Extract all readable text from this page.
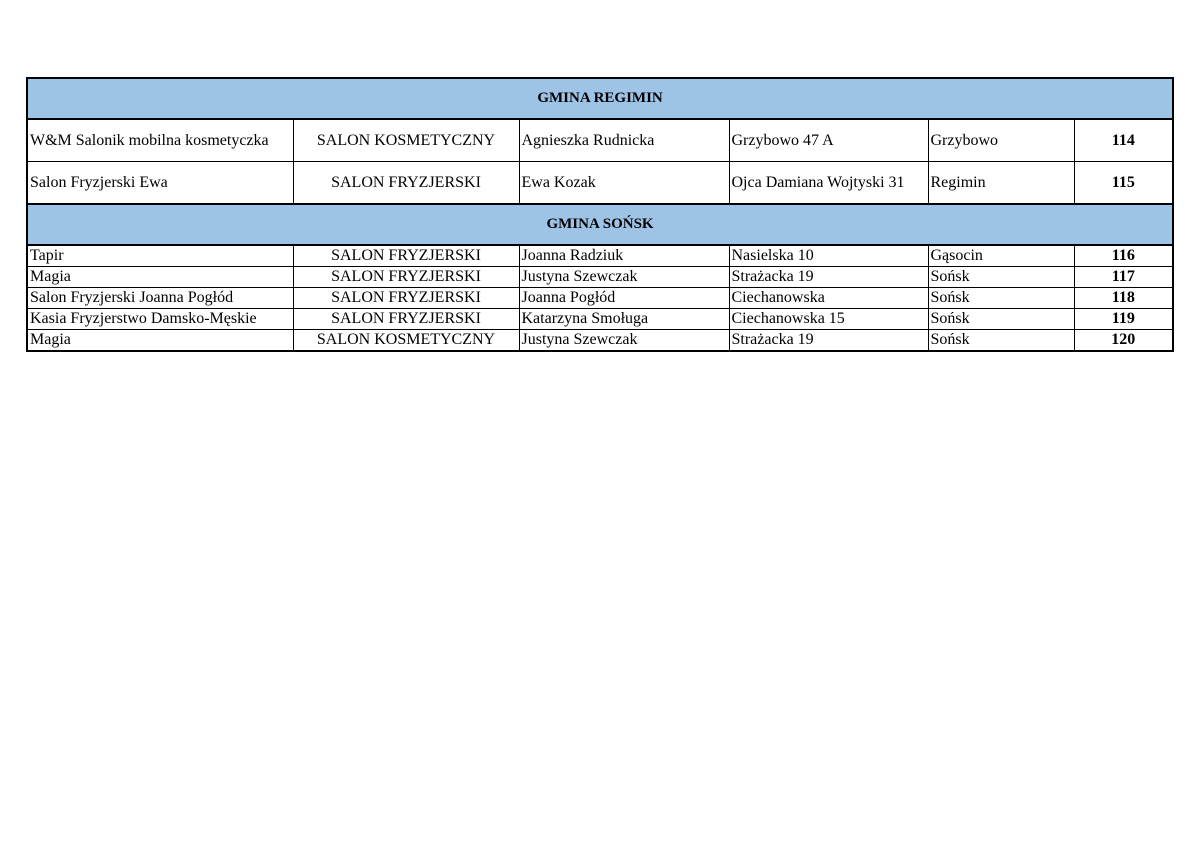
GMINA REGIMIN					
W&M Salonik mobilna kosmetyczka	SALON KOSMETYCZNY	Agnieszka Rudnicka	Grzybowo 47 A	Grzybowo	114
Salon Fryzjerski Ewa	SALON FRYZJERSKI	Ewa Kozak	Ojca Damiana Wojtyski 31	Regimin	115
GMINA SOŃSK					
Tapir	SALON FRYZJERSKI	Joanna Radziuk	Nasielska 10	Gąsocin	116
Magia	SALON FRYZJERSKI	Justyna Szewczak	Strażacka 19	Sońsk	117
Salon Fryzjerski Joanna Pogłód	SALON FRYZJERSKI	Joanna Pogłód	Ciechanowska	Sońsk	118
Kasia Fryzjerstwo Damsko-Męskie	SALON FRYZJERSKI	Katarzyna Smoługa	Ciechanowska 15	Sońsk	119
Magia	SALON KOSMETYCZNY	Justyna Szewczak	Strażacka 19	Sońsk	120
